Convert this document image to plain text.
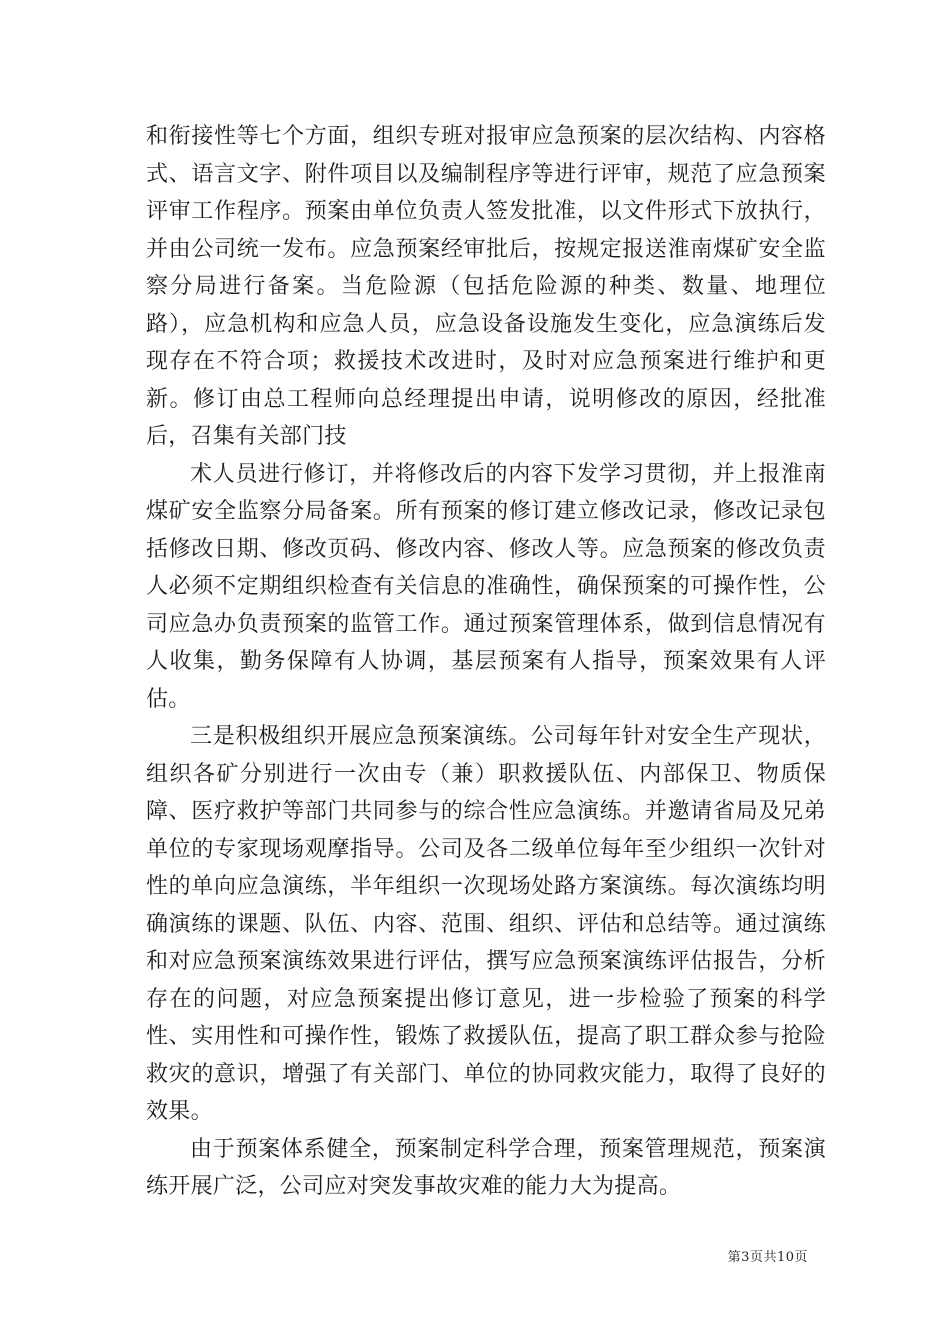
和衔接性等七个方面，组织专班对报审应急预案的层次结构、内容格式、语言文字、附件项目以及编制程序等进行评审，规范了应急预案评审工作程序。预案由单位负责人签发批准，以文件形式下放执行，并由公司统一发布。应急预案经审批后，按规定报送淮南煤矿安全监察分局进行备案。当危险源（包括危险源的种类、数量、地理位路），应急机构和应急人员，应急设备设施发生变化，应急演练后发现存在不符合项；救援技术改进时，及时对应急预案进行维护和更新。修订由总工程师向总经理提出申请，说明修改的原因，经批准后，召集有关部门技

术人员进行修订，并将修改后的内容下发学习贯彻，并上报淮南煤矿安全监察分局备案。所有预案的修订建立修改记录，修改记录包括修改日期、修改页码、修改内容、修改人等。应急预案的修改负责人必须不定期组织检查有关信息的准确性，确保预案的可操作性，公司应急办负责预案的监管工作。通过预案管理体系，做到信息情况有人收集，勤务保障有人协调，基层预案有人指导，预案效果有人评估。

三是积极组织开展应急预案演练。公司每年针对安全生产现状，组织各矿分别进行一次由专（兼）职救援队伍、内部保卫、物质保障、医疗救护等部门共同参与的综合性应急演练。并邀请省局及兄弟单位的专家现场观摩指导。公司及各二级单位每年至少组织一次针对性的单向应急演练，半年组织一次现场处路方案演练。每次演练均明确演练的课题、队伍、内容、范围、组织、评估和总结等。通过演练和对应急预案演练效果进行评估，撰写应急预案演练评估报告，分析存在的问题，对应急预案提出修订意见，进一步检验了预案的科学性、实用性和可操作性，锻炼了救援队伍，提高了职工群众参与抢险救灾的意识，增强了有关部门、单位的协同救灾能力，取得了良好的效果。

由于预案体系健全，预案制定科学合理，预案管理规范，预案演练开展广泛，公司应对突发事故灾难的能力大为提高。

第3页共10页
